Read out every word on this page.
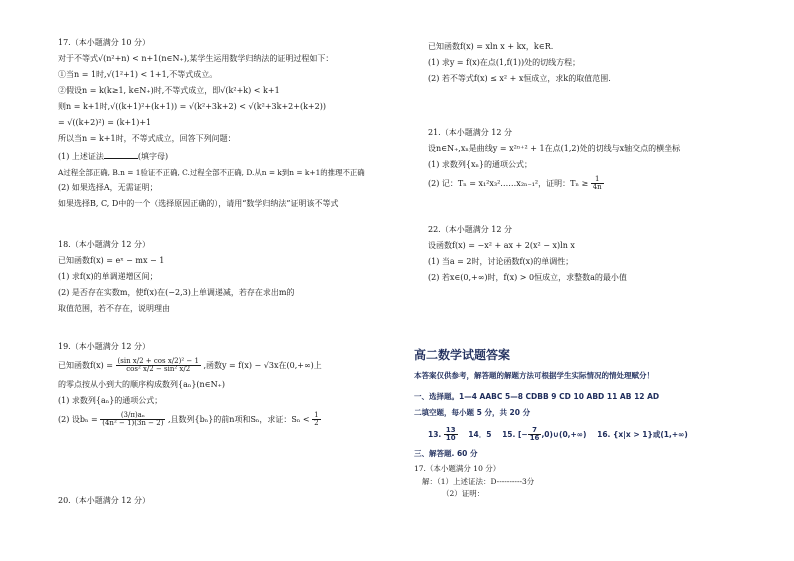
17.（本小题满分 10 分）
对于不等式√(n²+n) < n+1(n∈N₊),某学生运用数学归纳法的证明过程如下：
①当n = 1时,√(1²+1) < 1+1,不等式成立。
②假设n = k(k≥1, k∈N₊)时,不等式成立，即√(k²+k) < k+1
则n = k+1时,√((k+1)²+(k+1)) = √(k²+3k+2) < √(k²+3k+2+(k+2))
= √((k+2)²) = (k+1)+1
所以当n = k+1时，不等式成立，回答下列问题：
(1) 上述证法	(填字母)
A过程全部正确, B.n = 1验证不正确, C.过程全部不正确, D.从n = k到n = k+1的推理不正确
(2) 如果选择A，无需证明；
如果选择B, C, D中的一个（选择原因正确的），请用“数学归纳法”证明该不等式
18.（本小题满分 12 分）
已知函数f(x) = eˣ − mx − 1
(1) 求f(x)的单调递增区间；
(2) 是否存在实数m，使f(x)在(−2,3)上单调递减，若存在求出m的
取值范围，若不存在，说明理由
19.（本小题满分 12 分）
已知函数$f(x) = \frac{\text{(sin x/2 + cos x/2)² − 1}}{\text{cos² x/2 − sin² x/2}}$ ,函数y = f(x) − √3x在(0,+∞)上
的零点按从小到大的顺序构成数列{aₙ}(n∈N₊)
(1) 求数列{aₙ}的通项公式；
(2) 设$b_n = \frac{\text{(3/π)aₙ}}{\text{(4n² − 1)(3n − 2)}}$ ,且数列{bₙ}的前n项和Sₙ，求证：$S_n < \frac{1}{2}$
20.（本小题满分 12 分）
已知函数f(x) = xln x + kx，k∈R.
(1) 求y = f(x)在点(1,f(1))处的切线方程；
(2) 若不等式f(x) ≤ x² + x恒成立，求k的取值范围.
21.（本小题满分 12 分
设n∈N₊,xₙ是曲线y = x²ⁿ⁺² + 1在点(1,2)处的切线与x轴交点的横坐标
(1) 求数列{xₙ}的通项公式；
(2) 记：Tₙ = x₁²x₃²……x₂ₙ₋₁²，证明：$T_n \ge \frac{1}{4n}$
22.（本小题满分 12 分
设函数f(x) = −x² + ax + 2(x² − x)ln x
(1) 当a = 2时，讨论函数f(x)的单调性；
(2) 若x∈(0,+∞)时，f(x) > 0恒成立，求整数a的最小值
高二数学试题答案
本答案仅供参考，解答题的解题方法可根据学生实际情况的情处理赋分！
一、选择题。1—4 AABC 5—8 CDBB 9 CD 10 ABD 11 AB 12 AD
二填空题，每小题 5 分，共 20 分
13. $\frac{13}{10} 14$．5 15. [− $\frac{7}{16}$ ,0)∪(0,+∞) 16. {x|x > 1}或(1,+∞)
三、解答题. 60 分
17.（本小题满分 10 分）
解：（1）上述证法：D----------3分
（2）证明：
